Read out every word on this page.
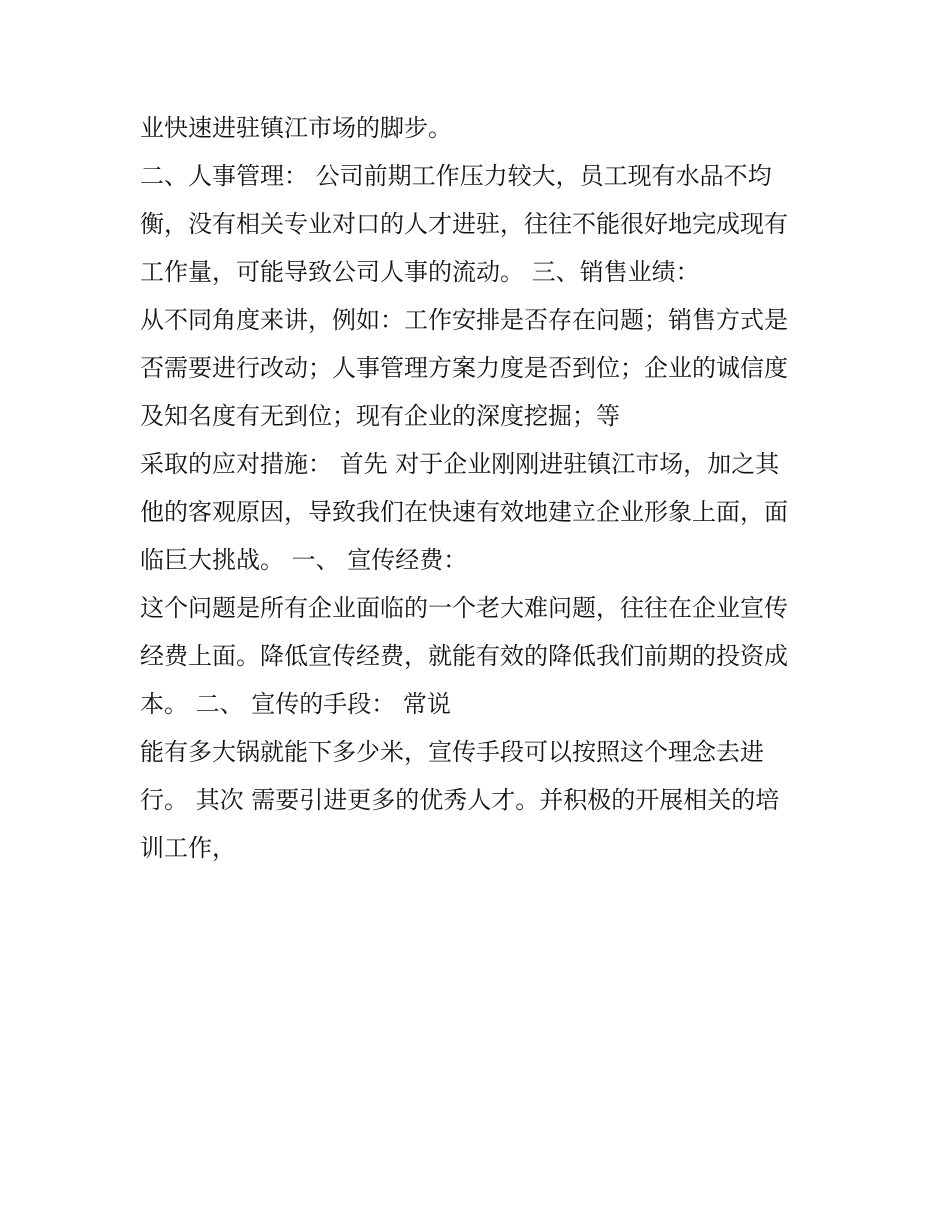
业快速进驻镇江市场的脚步。
二、人事管理： 公司前期工作压力较大，员工现有水品不均
衡，没有相关专业对口的人才进驻，往往不能很好地完成现有
工作量，可能导致公司人事的流动。 三、销售业绩：
从不同角度来讲，例如：工作安排是否存在问题；销售方式是
否需要进行改动；人事管理方案力度是否到位；企业的诚信度
及知名度有无到位；现有企业的深度挖掘；等
采取的应对措施： 首先 对于企业刚刚进驻镇江市场，加之其
他的客观原因，导致我们在快速有效地建立企业形象上面，面
临巨大挑战。 一、 宣传经费：
这个问题是所有企业面临的一个老大难问题，往往在企业宣传
经费上面。降低宣传经费，就能有效的降低我们前期的投资成
本。 二、 宣传的手段： 常说
能有多大锅就能下多少米，宣传手段可以按照这个理念去进
行。 其次 需要引进更多的优秀人才。并积极的开展相关的培
训工作，
